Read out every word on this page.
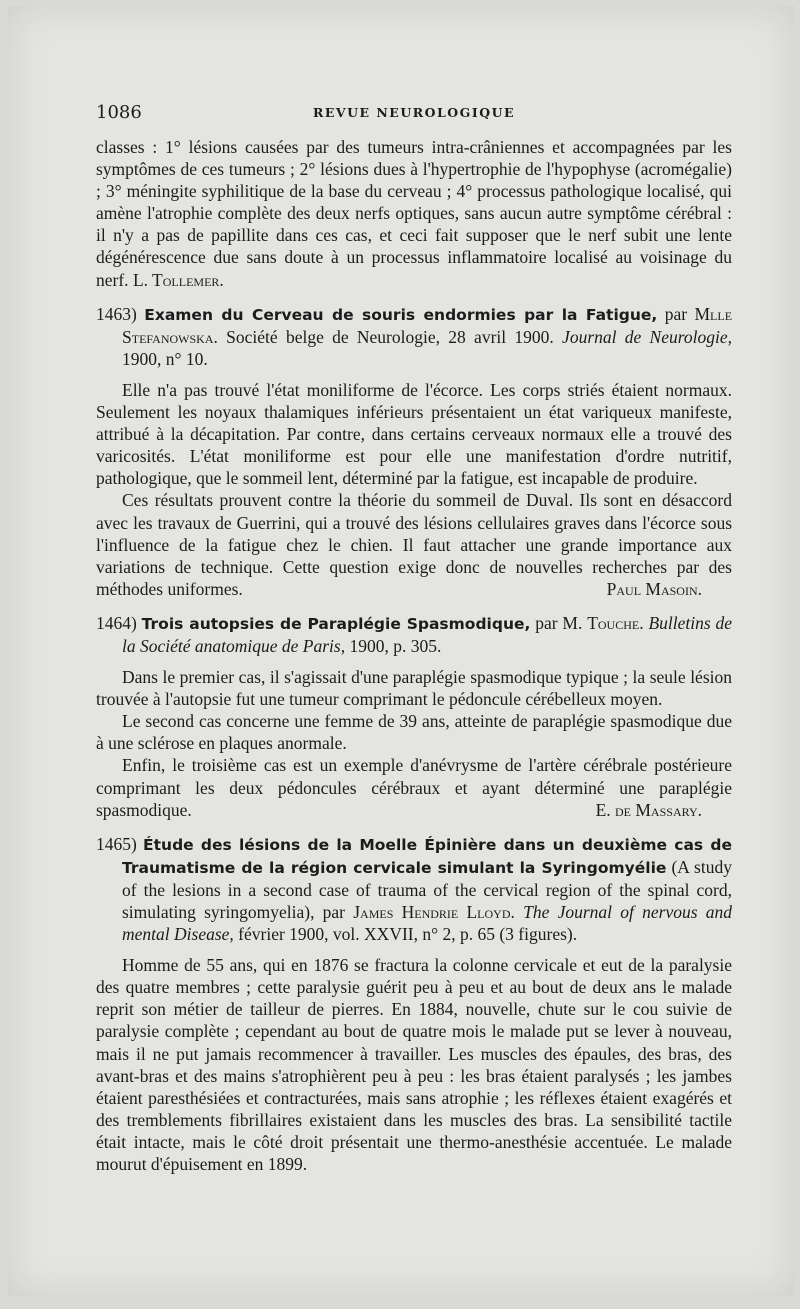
1086	REVUE NEUROLOGIQUE

classes : 1° lésions causées par des tumeurs intra-crâniennes et accompagnées par les symptômes de ces tumeurs ; 2° lésions dues à l'hypertrophie de l'hypophyse (acromégalie) ; 3° méningite syphilitique de la base du cerveau ; 4° processus pathologique localisé, qui amène l'atrophie complète des deux nerfs optiques, sans aucun autre symptôme cérébral : il n'y a pas de papillite dans ces cas, et ceci fait supposer que le nerf subit une lente dégénérescence due sans doute à un processus inflammatoire localisé au voisinage du nerf. L. Tollemer.

1463) Examen du Cerveau de souris endormies par la Fatigue, par Mlle Stefanowska. Société belge de Neurologie, 28 avril 1900. Journal de Neurologie, 1900, n° 10.

Elle n'a pas trouvé l'état moniliforme de l'écorce. Les corps striés étaient normaux. Seulement les noyaux thalamiques inférieurs présentaient un état variqueux manifeste, attribué à la décapitation. Par contre, dans certains cerveaux normaux elle a trouvé des varicosités. L'état moniliforme est pour elle une manifestation d'ordre nutritif, pathologique, que le sommeil lent, déterminé par la fatigue, est incapable de produire.

Ces résultats prouvent contre la théorie du sommeil de Duval. Ils sont en désaccord avec les travaux de Guerrini, qui a trouvé des lésions cellulaires graves dans l'écorce sous l'influence de la fatigue chez le chien. Il faut attacher une grande importance aux variations de technique. Cette question exige donc de nouvelles recherches par des méthodes uniformes.	Paul Masoin.

1464) Trois autopsies de Paraplégie Spasmodique, par M. Touche. Bulletins de la Société anatomique de Paris, 1900, p. 305.

Dans le premier cas, il s'agissait d'une paraplégie spasmodique typique ; la seule lésion trouvée à l'autopsie fut une tumeur comprimant le pédoncule cérébelleux moyen.

Le second cas concerne une femme de 39 ans, atteinte de paraplégie spasmodique due à une sclérose en plaques anormale.

Enfin, le troisième cas est un exemple d'anévrysme de l'artère cérébrale postérieure comprimant les deux pédoncules cérébraux et ayant déterminé une paraplégie spasmodique.	E. de Massary.

1465) Étude des lésions de la Moelle Épinière dans un deuxième cas de Traumatisme de la région cervicale simulant la Syringomyélie (A study of the lesions in a second case of trauma of the cervical region of the spinal cord, simulating syringomyelia), par James Hendrie Lloyd. The Journal of nervous and mental Disease, février 1900, vol. XXVII, n° 2, p. 65 (3 figures).

Homme de 55 ans, qui en 1876 se fractura la colonne cervicale et eut de la paralysie des quatre membres ; cette paralysie guérit peu à peu et au bout de deux ans le malade reprit son métier de tailleur de pierres. En 1884, nouvelle, chute sur le cou suivie de paralysie complète ; cependant au bout de quatre mois le malade put se lever à nouveau, mais il ne put jamais recommencer à travailler. Les muscles des épaules, des bras, des avant-bras et des mains s'atrophièrent peu à peu : les bras étaient paralysés ; les jambes étaient paresthésiées et contracturées, mais sans atrophie ; les réflexes étaient exagérés et des tremblements fibrillaires existaient dans les muscles des bras. La sensibilité tactile était intacte, mais le côté droit présentait une thermo-anesthésie accentuée. Le malade mourut d'épuisement en 1899.
